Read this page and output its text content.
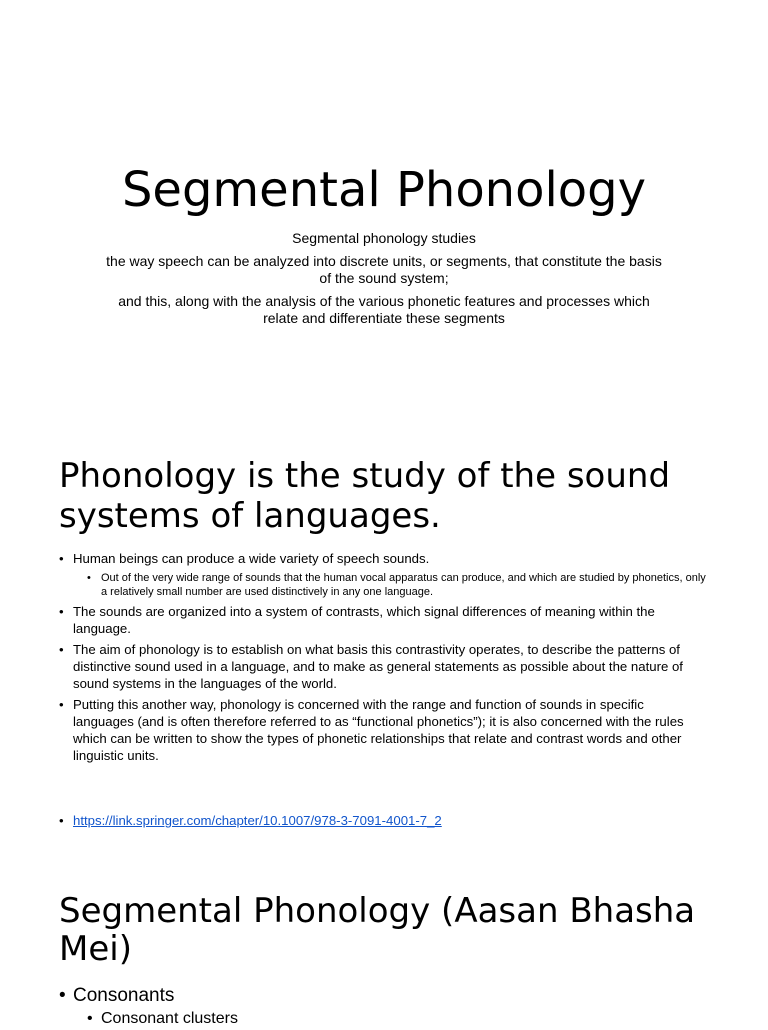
Segmental Phonology

Segmental phonology studies

the way speech can be analyzed into discrete units, or segments, that constitute the basis of the sound system;

and this, along with the analysis of the various phonetic features and processes which relate and differentiate these segments

Phonology is the study of the sound systems of languages.
• Human beings can produce a wide variety of speech sounds.
• Out of the very wide range of sounds that the human vocal apparatus can produce, and which are studied by phonetics, only a relatively small number are used distinctively in any one language.
• The sounds are organized into a system of contrasts, which signal differences of meaning within the language.
• The aim of phonology is to establish on what basis this contrastivity operates, to describe the patterns of distinctive sound used in a language, and to make as general statements as possible about the nature of sound systems in the languages of the world.
• Putting this another way, phonology is concerned with the range and function of sounds in specific languages (and is often therefore referred to as “functional phonetics”); it is also concerned with the rules which can be written to show the types of phonetic relationships that relate and contrast words and other linguistic units.
• https://link.springer.com/chapter/10.1007/978-3-7091-4001-7_2
Segmental Phonology (Aasan Bhasha Mei)
• Consonants
• Consonant clusters
